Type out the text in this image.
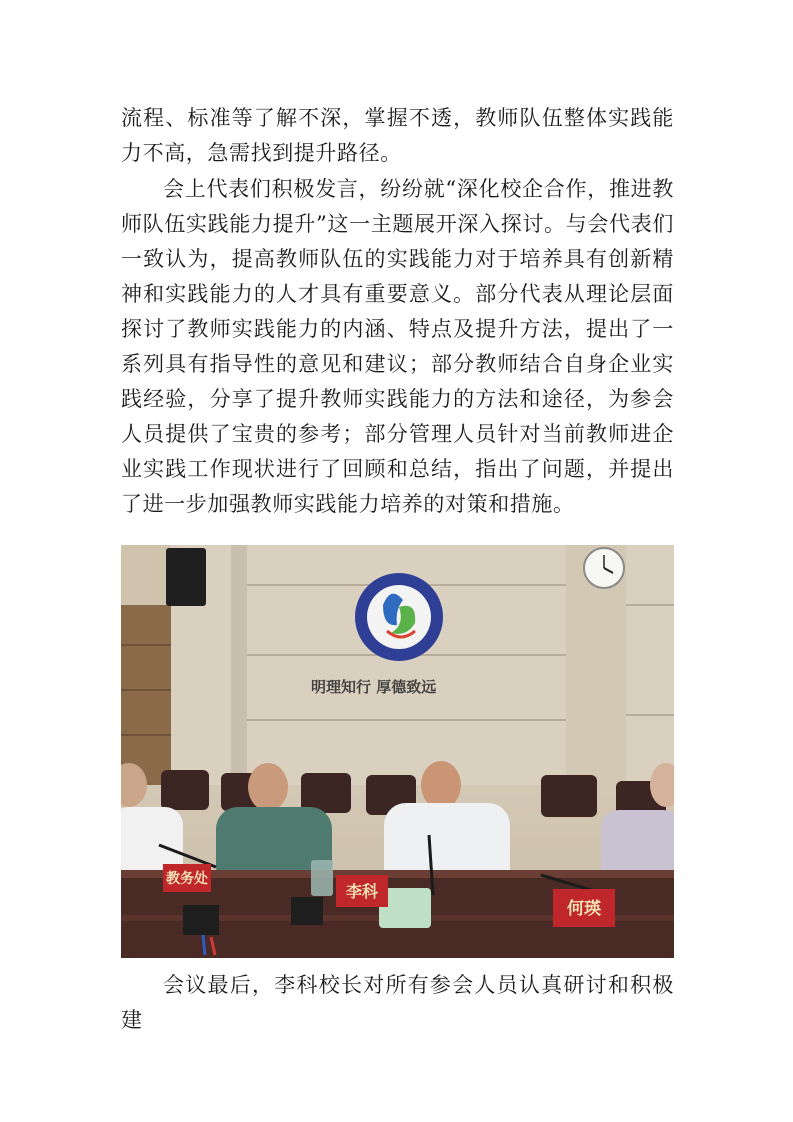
流程、标准等了解不深，掌握不透，教师队伍整体实践能力不高，急需找到提升路径。

会上代表们积极发言，纷纷就“深化校企合作，推进教师队伍实践能力提升”这一主题展开深入探讨。与会代表们一致认为，提高教师队伍的实践能力对于培养具有创新精神和实践能力的人才具有重要意义。部分代表从理论层面探讨了教师实践能力的内涵、特点及提升方法，提出了一系列具有指导性的意见和建议；部分教师结合自身企业实践经验，分享了提升教师实践能力的方法和途径，为参会人员提供了宝贵的参考；部分管理人员针对当前教师进企业实践工作现状进行了回顾和总结，指出了问题，并提出了进一步加强教师实践能力培养的对策和措施。

明理知行 厚德致远
教务处
李科
何瑛

会议最后，李科校长对所有参会人员认真研讨和积极建
